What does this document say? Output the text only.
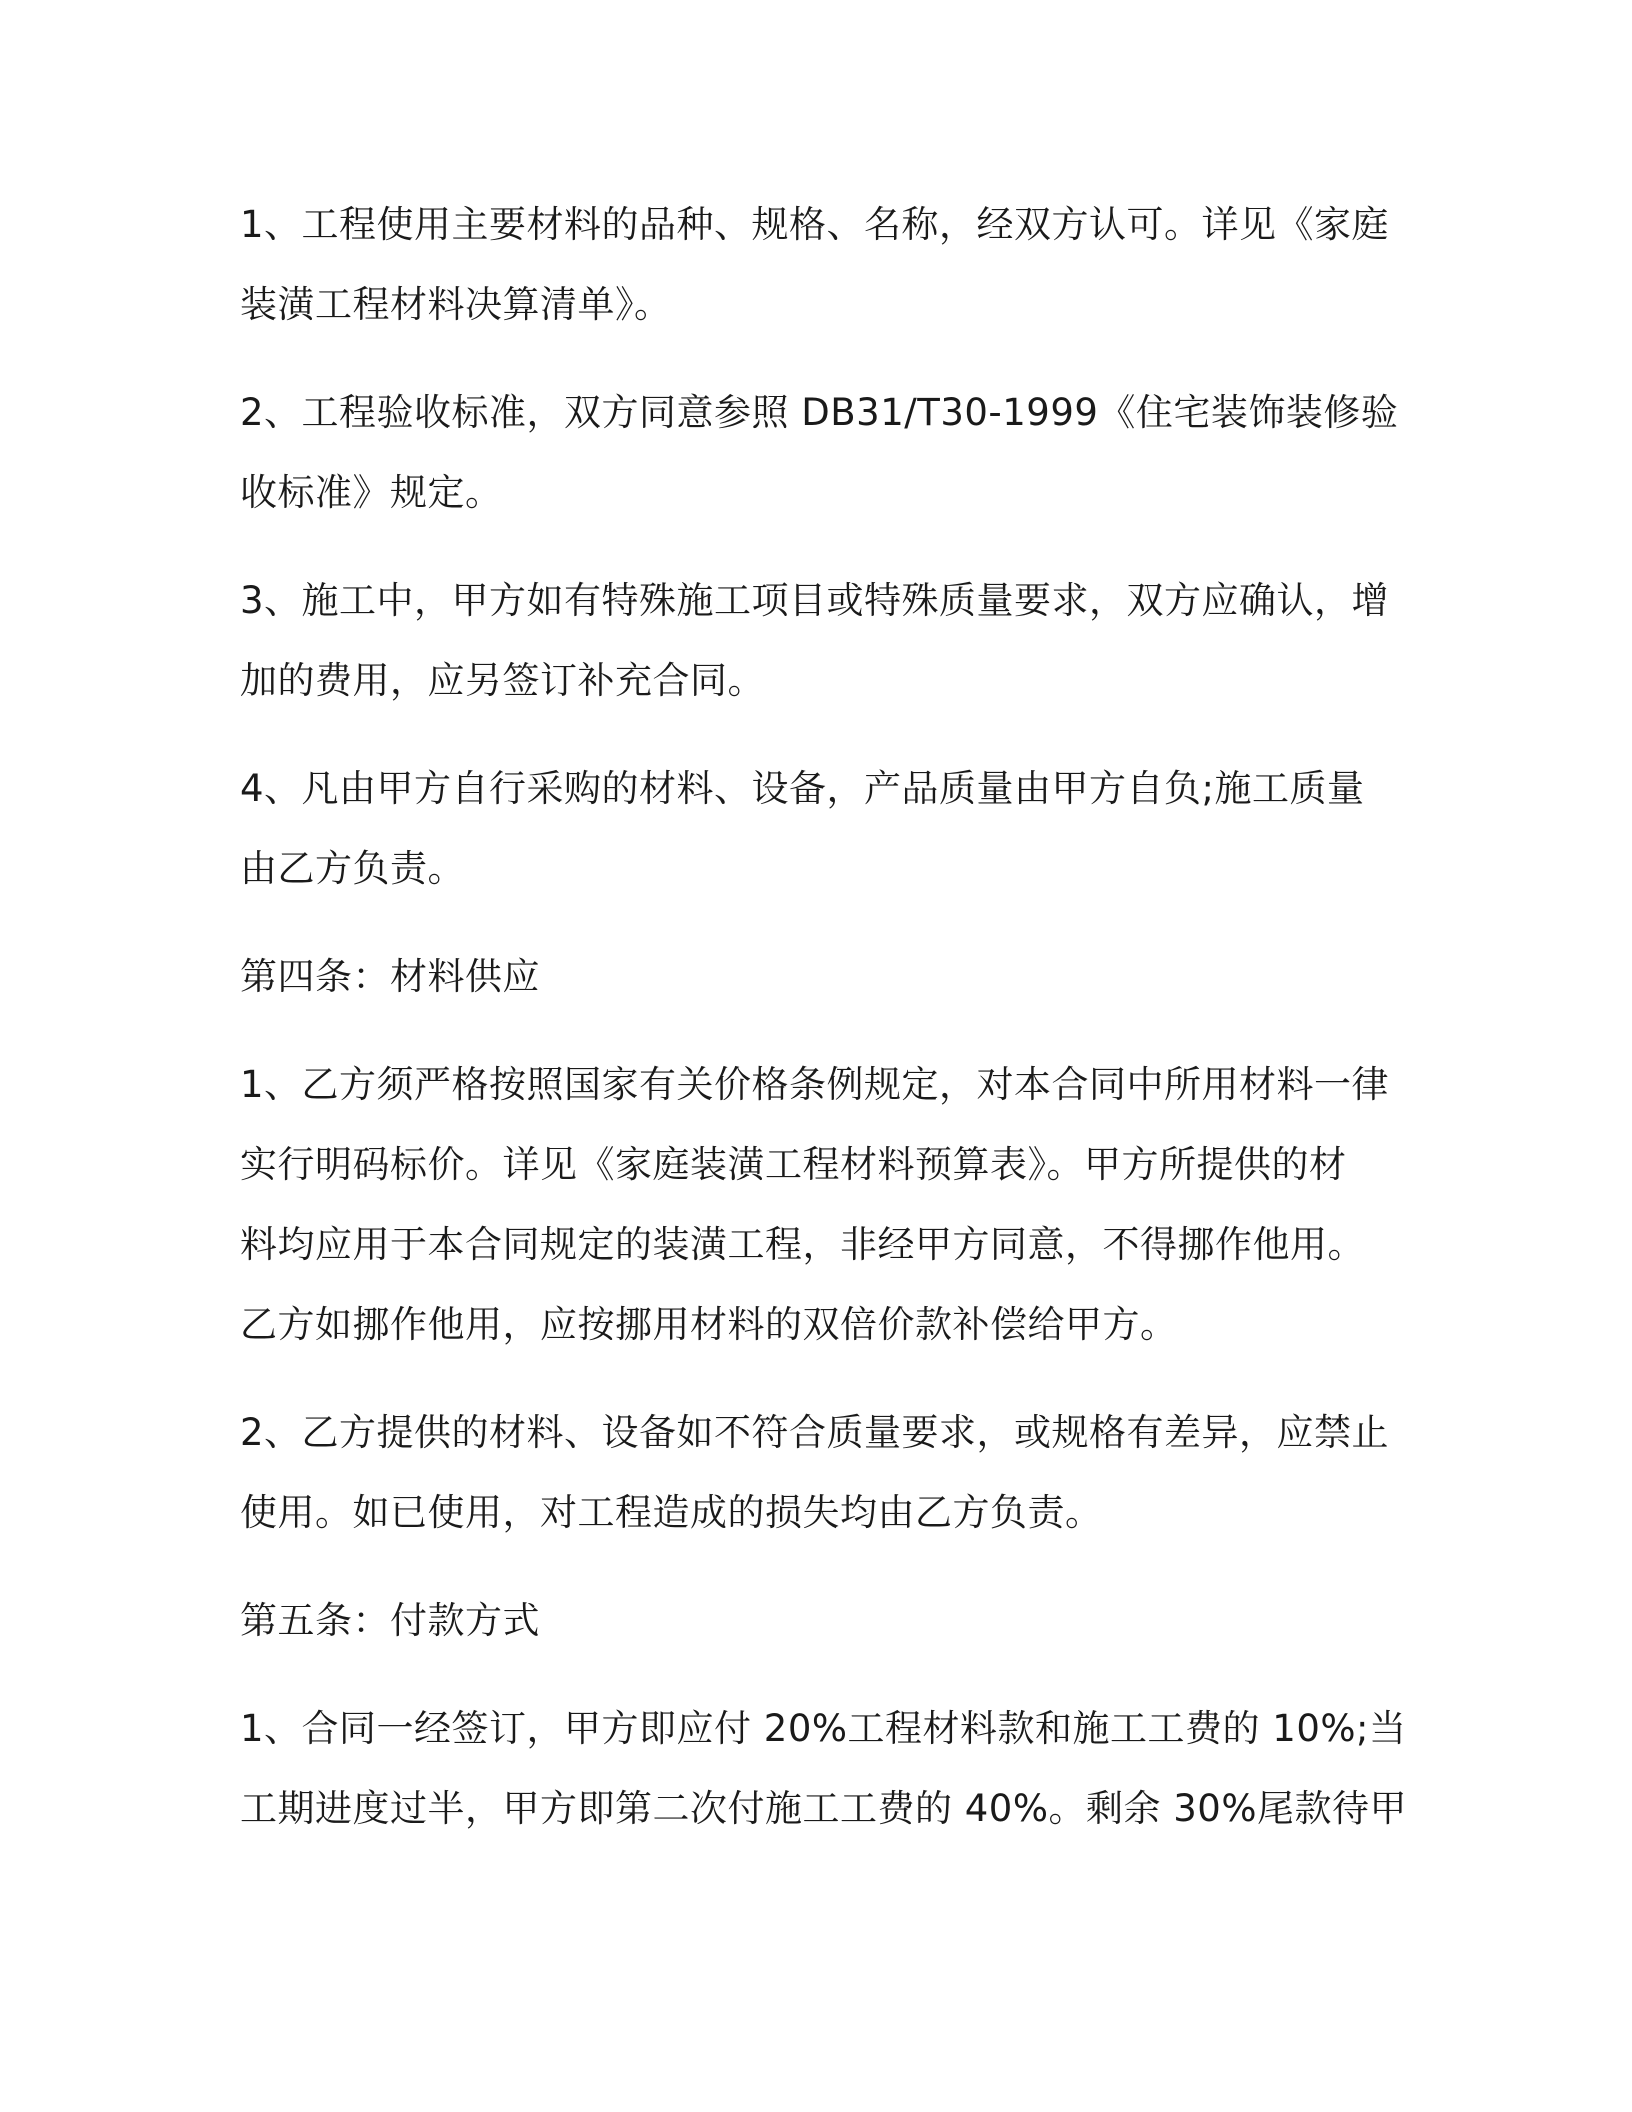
1、工程使用主要材料的品种、规格、名称，经双方认可。详见《家庭
装潢工程材料决算清单》。

2、工程验收标准，双方同意参照 DB31/T30-1999《住宅装饰装修验
收标准》规定。

3、施工中，甲方如有特殊施工项目或特殊质量要求，双方应确认，增
加的费用，应另签订补充合同。

4、凡由甲方自行采购的材料、设备，产品质量由甲方自负;施工质量
由乙方负责。

第四条：材料供应

1、乙方须严格按照国家有关价格条例规定，对本合同中所用材料一律
实行明码标价。详见《家庭装潢工程材料预算表》。甲方所提供的材
料均应用于本合同规定的装潢工程，非经甲方同意，不得挪作他用。
乙方如挪作他用，应按挪用材料的双倍价款补偿给甲方。

2、乙方提供的材料、设备如不符合质量要求，或规格有差异，应禁止
使用。如已使用，对工程造成的损失均由乙方负责。

第五条：付款方式

1、合同一经签订，甲方即应付 20%工程材料款和施工工费的 10%;当
工期进度过半，甲方即第二次付施工工费的 40%。剩余 30%尾款待甲
